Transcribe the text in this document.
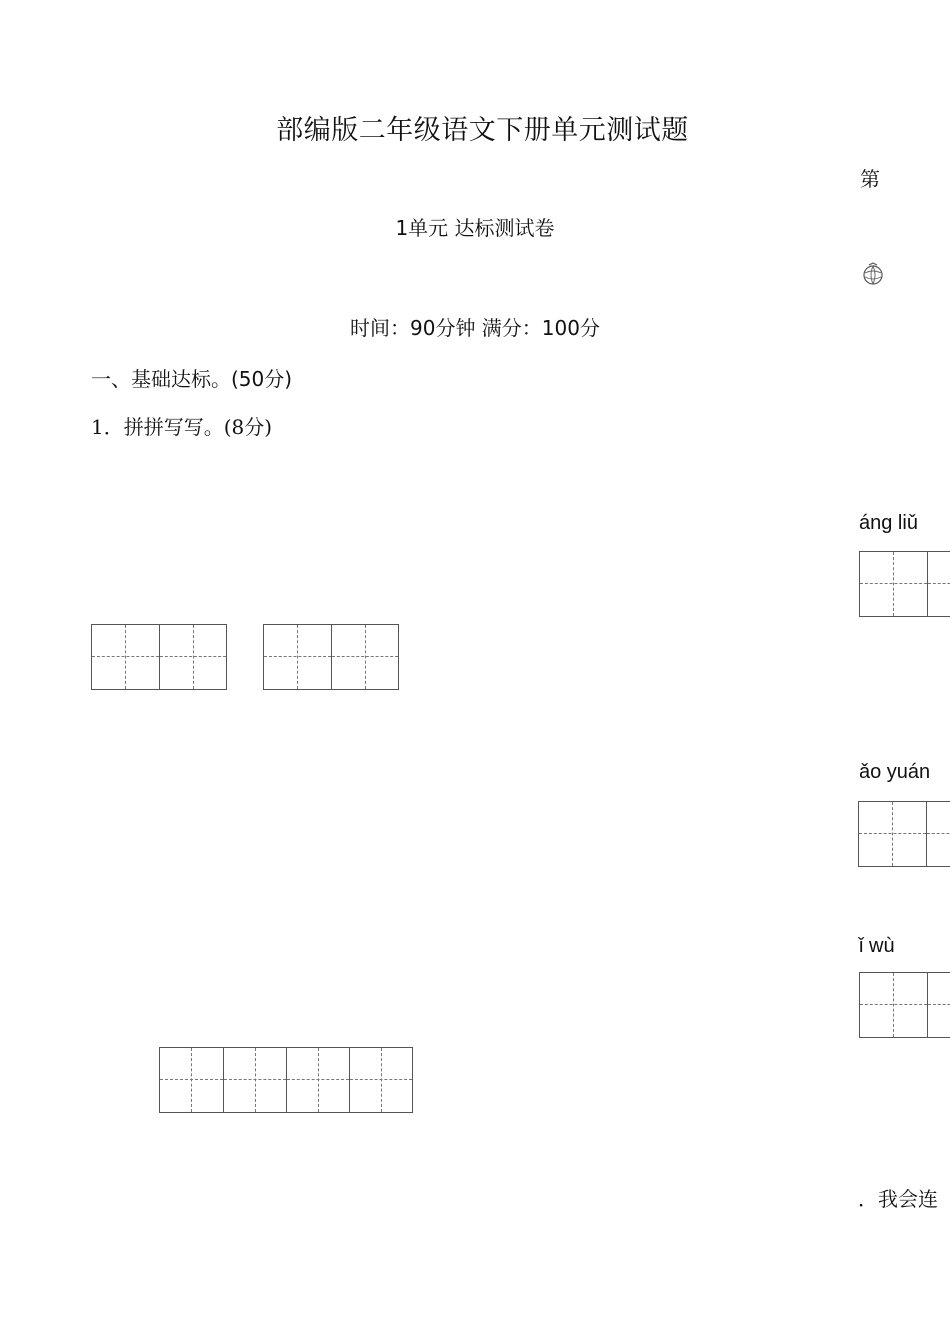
部编版二年级语文下册单元测试题
1单元 达标测试卷
时间：90分钟 满分：100分
一、基础达标。(50分)
1．拼拼写写。(8分)
第
áng liǔ
ǎo yuán
ǐ wù
．我会连
